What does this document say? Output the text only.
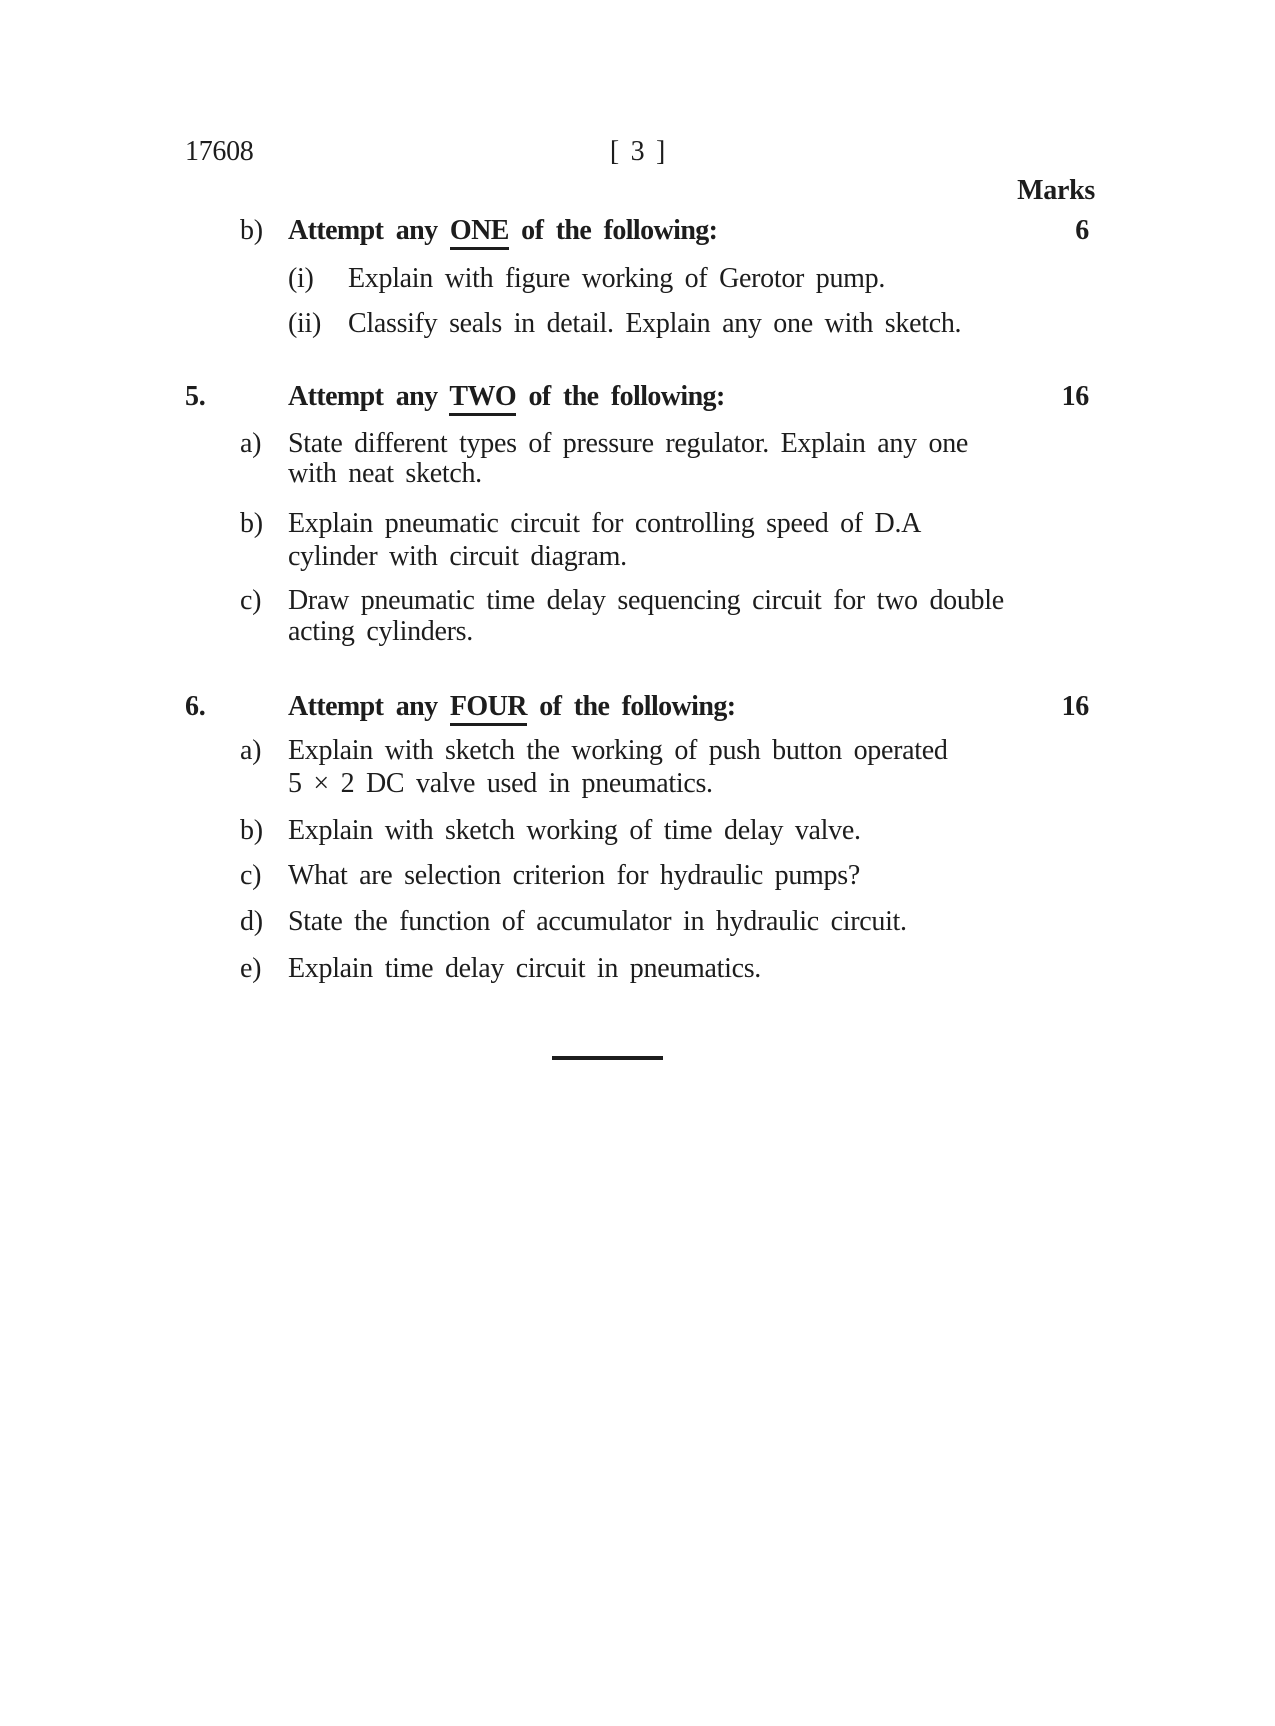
17608	[ 3 ]
Marks
b) Attempt any ONE of the following:	6
(i) Explain with figure working of Gerotor pump.
(ii) Classify seals in detail. Explain any one with sketch.
5.	Attempt any TWO of the following:	16
a) State different types of pressure regulator. Explain any one
with neat sketch.
b) Explain pneumatic circuit for controlling speed of D.A
cylinder with circuit diagram.
c) Draw pneumatic time delay sequencing circuit for two double
acting cylinders.
6.	Attempt any FOUR of the following:	16
a) Explain with sketch the working of push button operated
5 × 2 DC valve used in pneumatics.
b) Explain with sketch working of time delay valve.
c) What are selection criterion for hydraulic pumps?
d) State the function of accumulator in hydraulic circuit.
e) Explain time delay circuit in pneumatics.
